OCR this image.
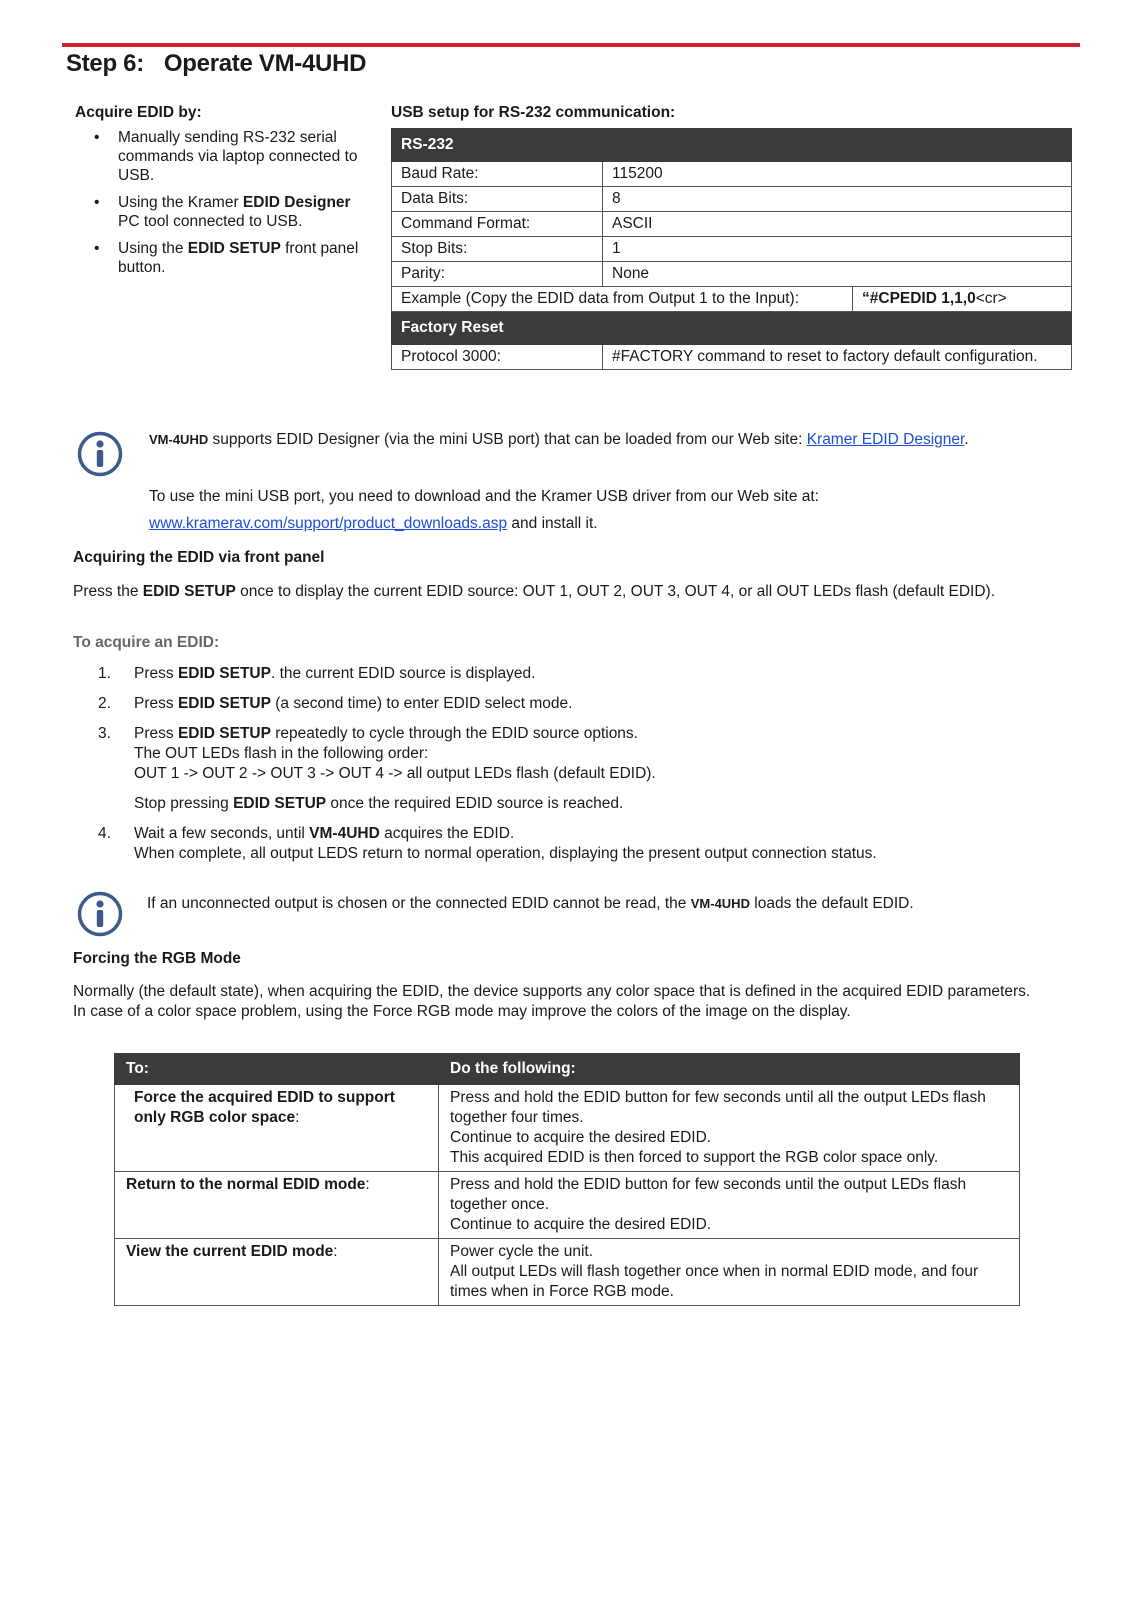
Step 6: Operate VM-4UHD
Acquire EDID by:
• Manually sending RS-232 serial commands via laptop connected to USB.
• Using the Kramer EDID Designer PC tool connected to USB.
• Using the EDID SETUP front panel button.
USB setup for RS-232 communication:
RS-232		
Baud Rate:	115200	
Data Bits:	8	
Command Format:	ASCII	
Stop Bits:	1	
Parity:	None	
Example (Copy the EDID data from Output 1 to the Input):		“#CPEDID 1,1,0<cr>
Factory Reset		
Protocol 3000:	#FACTORY command to reset to factory default configuration.	
VM-4UHD supports EDID Designer (via the mini USB port) that can be loaded from our Web site: Kramer EDID Designer.
To use the mini USB port, you need to download and the Kramer USB driver from our Web site at:
www.kramerav.com/support/product_downloads.asp and install it.
Acquiring the EDID via front panel
Press the EDID SETUP once to display the current EDID source: OUT 1, OUT 2, OUT 3, OUT 4, or all OUT LEDs flash (default EDID).
To acquire an EDID:
1. Press EDID SETUP. the current EDID source is displayed.
2. Press EDID SETUP (a second time) to enter EDID select mode.
3. Press EDID SETUP repeatedly to cycle through the EDID source options.
The OUT LEDs flash in the following order:
OUT 1 -> OUT 2 -> OUT 3 -> OUT 4 -> all output LEDs flash (default EDID).
Stop pressing EDID SETUP once the required EDID source is reached.
4. Wait a few seconds, until VM-4UHD acquires the EDID.
When complete, all output LEDS return to normal operation, displaying the present output connection status.
If an unconnected output is chosen or the connected EDID cannot be read, the VM-4UHD loads the default EDID.
Forcing the RGB Mode
Normally (the default state), when acquiring the EDID, the device supports any color space that is defined in the acquired EDID parameters. In case of a color space problem, using the Force RGB mode may improve the colors of the image on the display.
To:	Do the following:
Force the acquired EDID to support only RGB color space:	Press and hold the EDID button for few seconds until all the output LEDs flash together four times.
Continue to acquire the desired EDID.
This acquired EDID is then forced to support the RGB color space only.

Return to the normal EDID mode:	Press and hold the EDID button for few seconds until the output LEDs flash together once.
Continue to acquire the desired EDID.

View the current EDID mode:	Power cycle the unit.
All output LEDs will flash together once when in normal EDID mode, and four times when in Force RGB mode.
